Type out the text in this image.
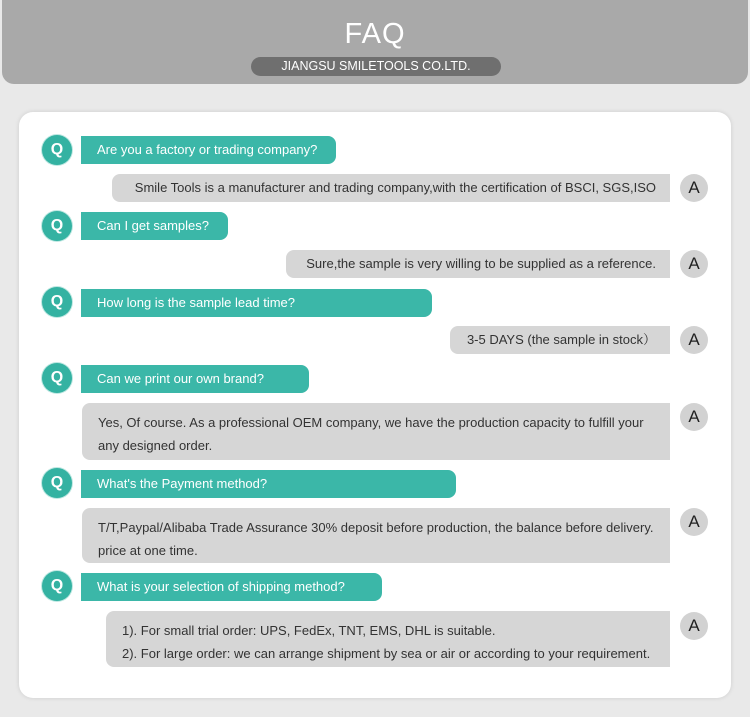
FAQ
JIANGSU SMILETOOLS CO.LTD.
Q	Are you a factory or trading company?
Smile Tools is a manufacturer and trading company,with the certification of BSCI, SGS,ISO	A
Q	Can I get samples?
Sure,the sample is very willing to be supplied as a reference.	A
Q	How long is the sample lead time?
3-5 DAYS (the sample in stock）	A
Q	Can we print our own brand?
Yes, Of course. As a professional OEM company, we have the production capacity to fulfill your
any designed order.
A
Q	What's the Payment method?
T/T,Paypal/Alibaba Trade Assurance 30% deposit before production, the balance before delivery.
price at one time.
A
Q	What is your selection of shipping method?
1). For small trial order: UPS, FedEx, TNT, EMS, DHL is suitable.
2). For large order: we can arrange shipment by sea or air or according to your requirement.
A
